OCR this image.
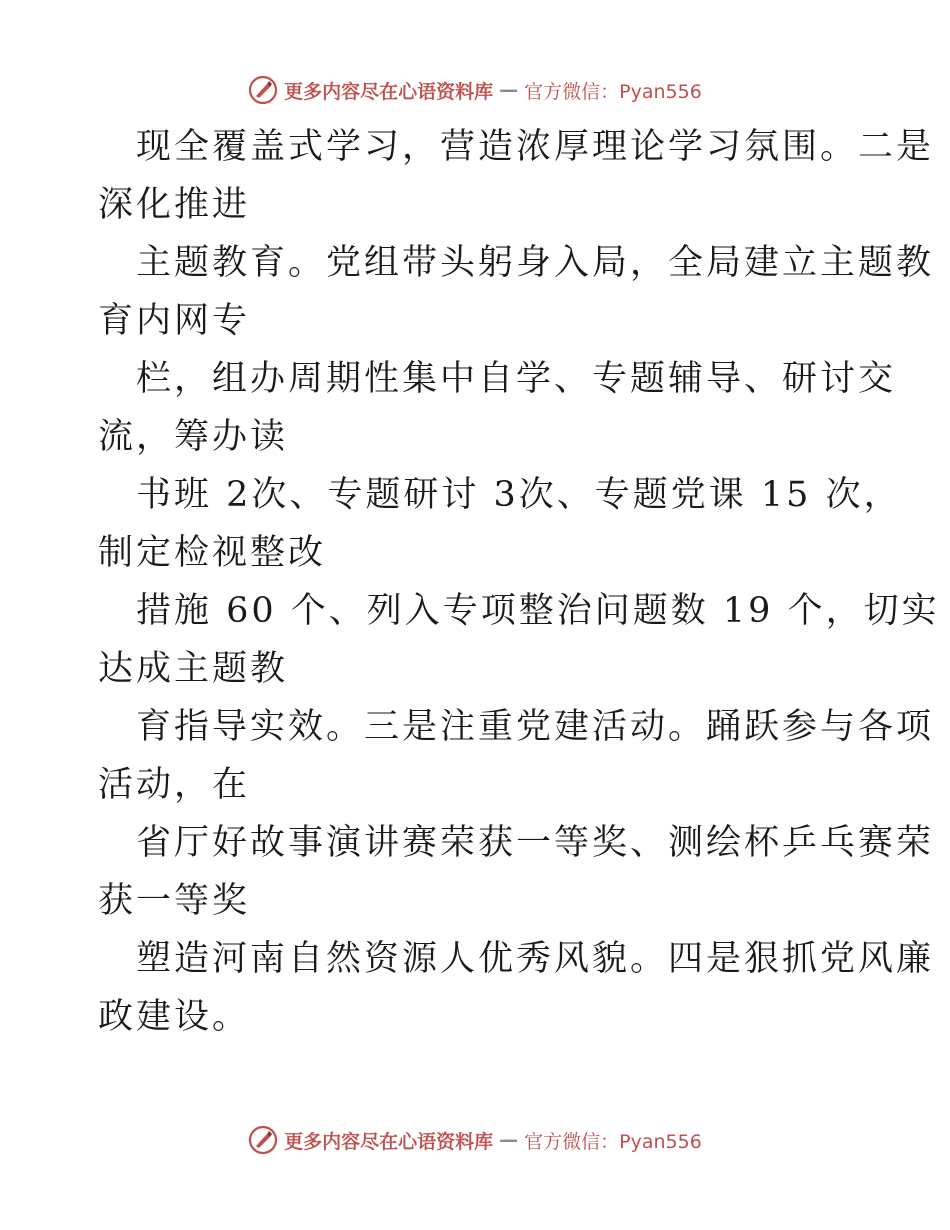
更多内容尽在心语资料库 — 官方微信：Pyan556
现全覆盖式学习，营造浓厚理论学习氛围。二是
深化推进
主题教育。党组带头躬身入局，全局建立主题教
育内网专
栏，组办周期性集中自学、专题辅导、研讨交
流，筹办读
书班 2次、专题研讨 3次、专题党课 15 次，
制定检视整改
措施 60 个、列入专项整治问题数 19 个，切实
达成主题教
育指导实效。三是注重党建活动。踊跃参与各项
活动，在
省厅好故事演讲赛荣获一等奖、测绘杯乒乓赛荣
获一等奖
塑造河南自然资源人优秀风貌。四是狠抓党风廉
政建设。
更多内容尽在心语资料库 — 官方微信：Pyan556
